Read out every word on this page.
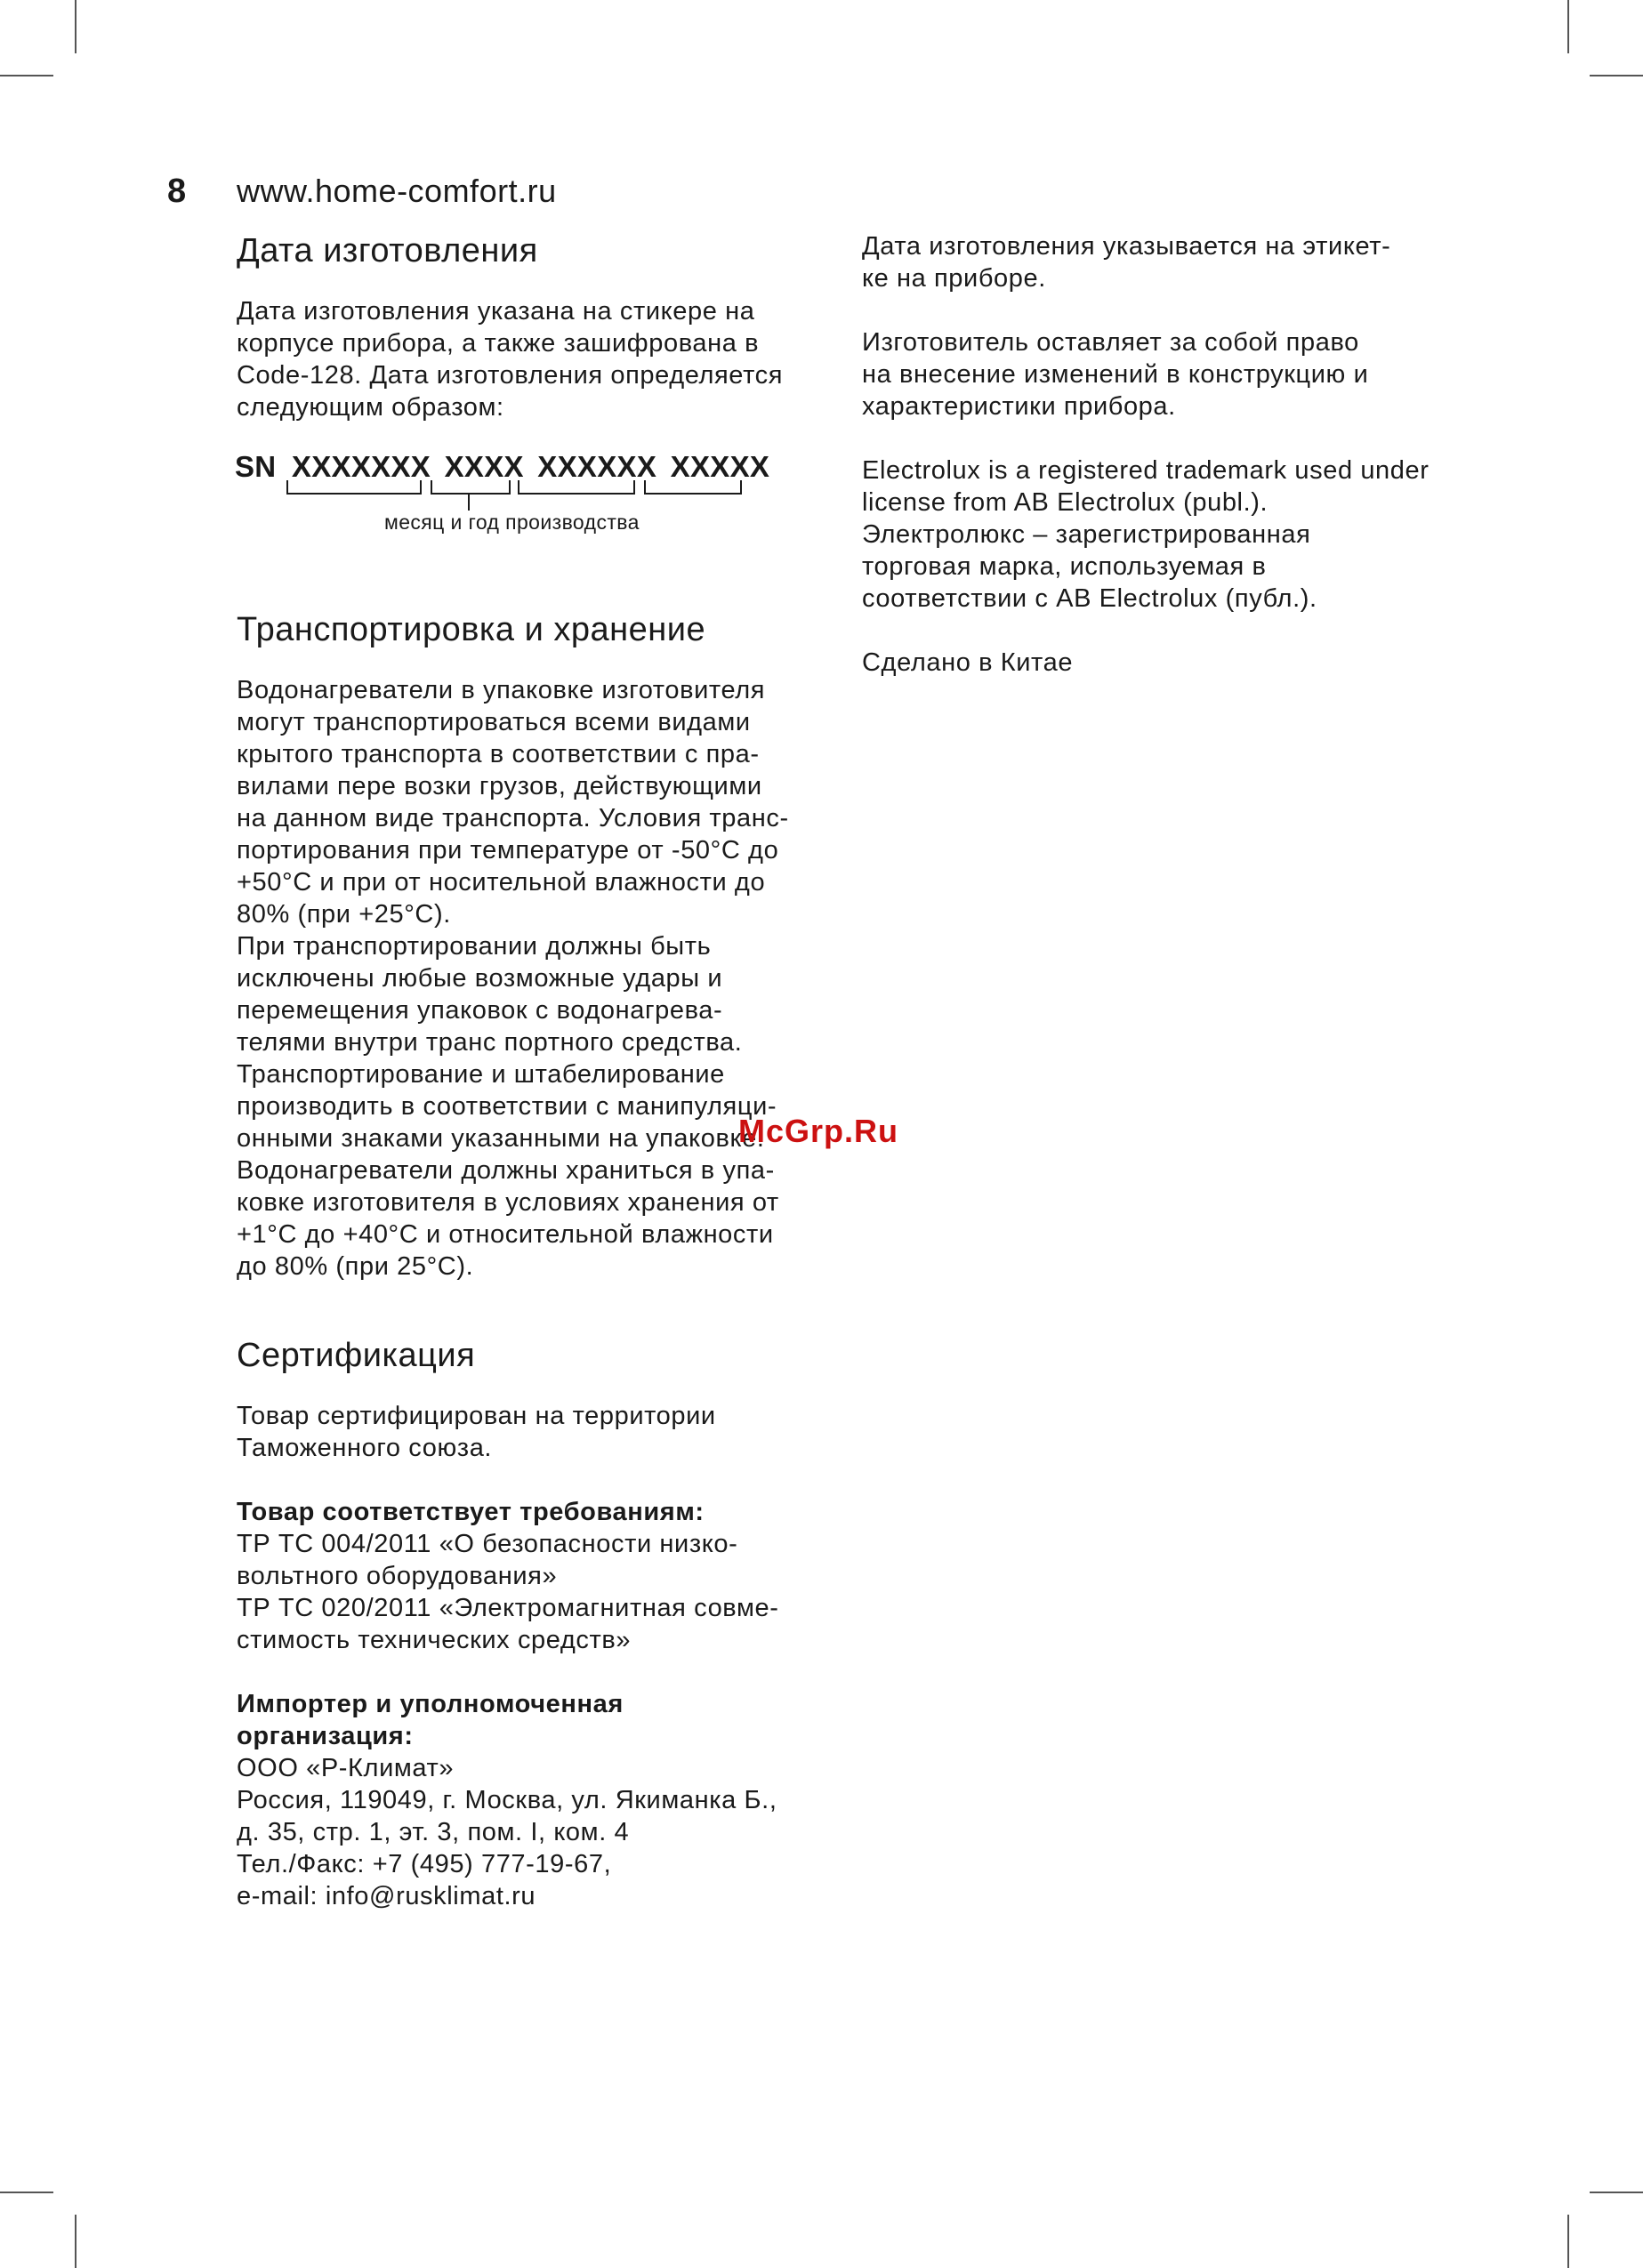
8 www.home-comfort.ru
Дата изготовления

Дата изготовления указана на стикере на
корпусе прибора, а также зашифрована в
Code-128. Дата изготовления определяется
следующим образом:

SN XXXXXXX XXXX XXXXXX XXXXX
месяц и год производства
Транспортировка и хранение

Водонагреватели в упаковке изготовителя
могут транспортироваться всеми видами
крытого транспорта в соответствии с пра-
вилами пере возки грузов, действующими
на данном виде транспорта. Условия транс-
портирования при температуре от -50°С до
+50°С и при от носительной влажности до
80% (при +25°С).
При транспортировании должны быть
исключены любые возможные удары и
перемещения упаковок с водонагрева-
телями внутри транс портного средства.
Транспортирование и штабелирование
производить в соответствии с манипуляци-
онными знаками указанными на упаковке.
Водонагреватели должны храниться в упа-
ковке изготовителя в условиях хранения от
+1°С до +40°С и относительной влажности
до 80% (при 25°С).

Сертификация

Товар сертифицирован на территории
Таможенного союза.

Товар соответствует требованиям:

ТР ТС 004/2011 «О безопасности низко-
вольтного оборудования»
ТР ТС 020/2011 «Электромагнитная совме-
стимость технических средств»

Импортер и уполномоченная
организация:

ООО «Р-Климат»
Россия, 119049, г. Москва, ул. Якиманка Б.,
д. 35, стр. 1, эт. 3, пом. I, ком. 4
Тел./Факс: +7 (495) 777-19-67,
e-mail: info@rusklimat.ru

Дата изготовления указывается на этикет-
ке на приборе.

Изготовитель оставляет за собой право
на внесение изменений в конструкцию и
характеристики прибора.

Electrolux is a registered trademark used under
license from AB Electrolux (publ.).
Электролюкс – зарегистрированная
торговая марка, используемая в
соответствии с AB Electrolux (публ.).

Сделано в Китае

McGrp.Ru
